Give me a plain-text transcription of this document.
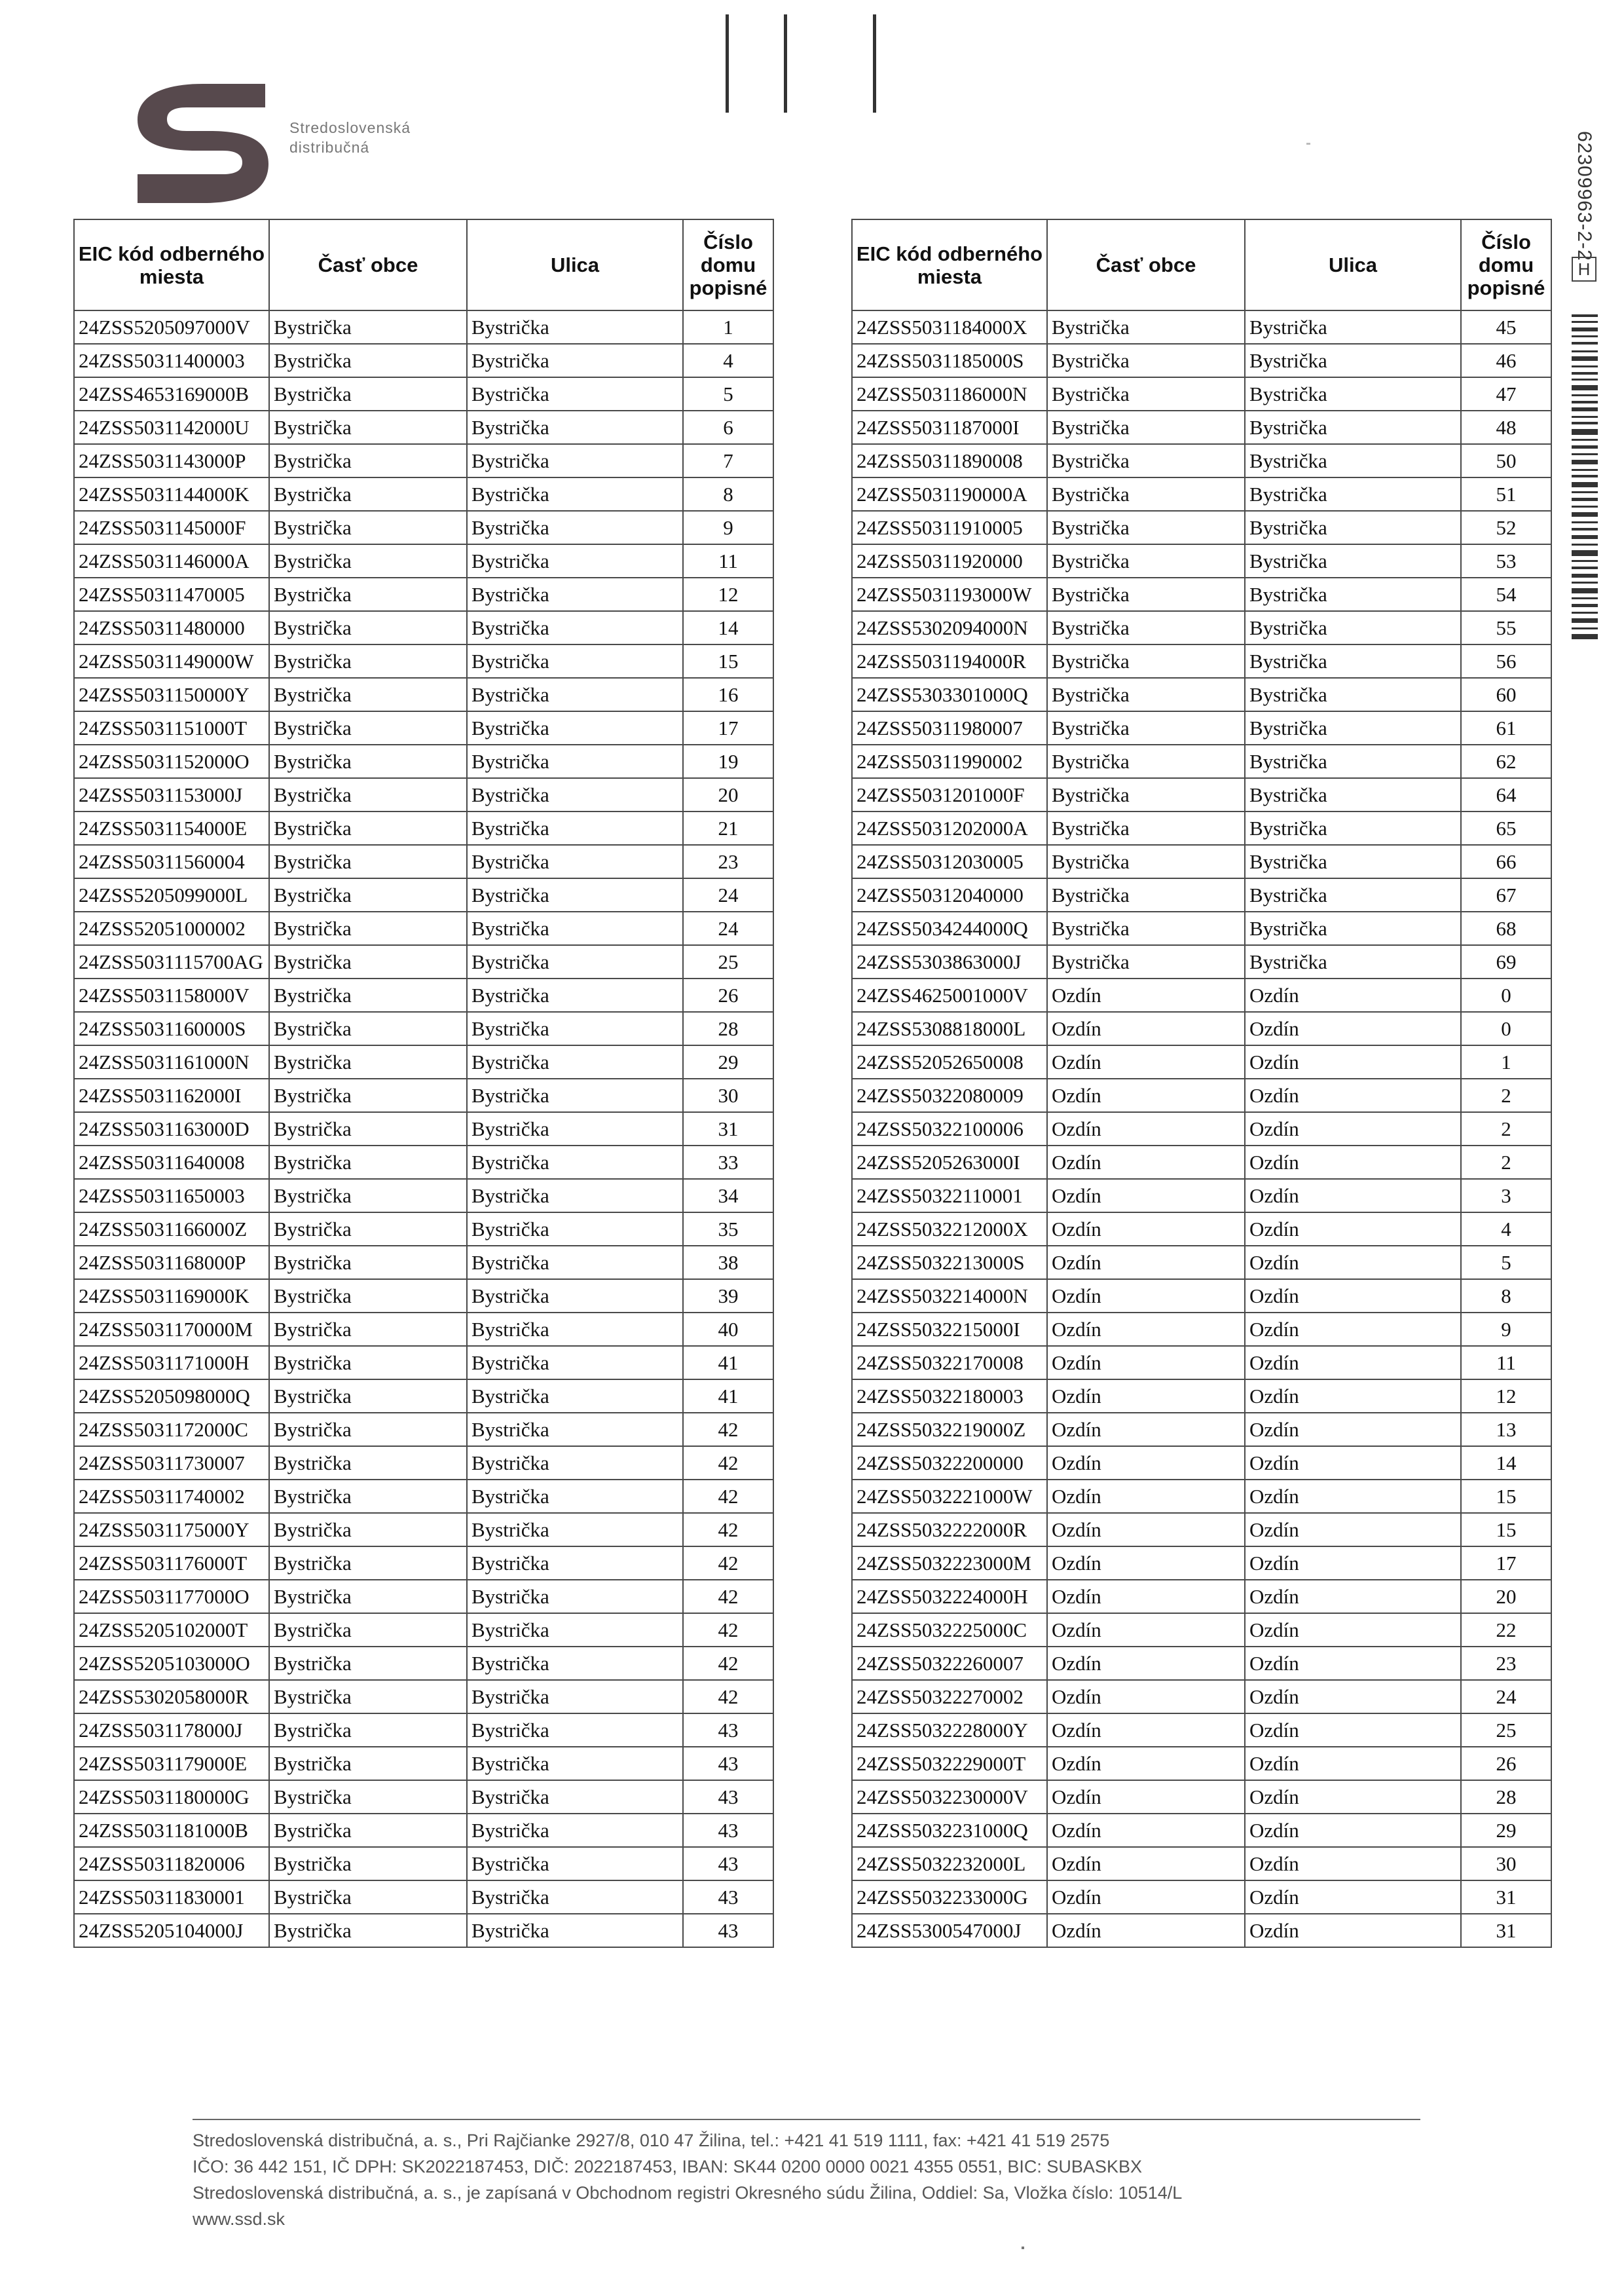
Stredoslovenská
distribučná	62309963-2-2
H
EIC kód odberného miesta	Časť obce	Ulica	Číslo domu popisné
24ZSS5205097000V	Bystrička	Bystrička	1
24ZSS50311400003	Bystrička	Bystrička	4
24ZSS4653169000B	Bystrička	Bystrička	5
24ZSS5031142000U	Bystrička	Bystrička	6
24ZSS5031143000P	Bystrička	Bystrička	7
24ZSS5031144000K	Bystrička	Bystrička	8
24ZSS5031145000F	Bystrička	Bystrička	9
24ZSS5031146000A	Bystrička	Bystrička	11
24ZSS50311470005	Bystrička	Bystrička	12
24ZSS50311480000	Bystrička	Bystrička	14
24ZSS5031149000W	Bystrička	Bystrička	15
24ZSS5031150000Y	Bystrička	Bystrička	16
24ZSS5031151000T	Bystrička	Bystrička	17
24ZSS5031152000O	Bystrička	Bystrička	19
24ZSS5031153000J	Bystrička	Bystrička	20
24ZSS5031154000E	Bystrička	Bystrička	21
24ZSS50311560004	Bystrička	Bystrička	23
24ZSS5205099000L	Bystrička	Bystrička	24
24ZSS52051000002	Bystrička	Bystrička	24
24ZSS5031115700AG	Bystrička	Bystrička	25
24ZSS5031158000V	Bystrička	Bystrička	26
24ZSS5031160000S	Bystrička	Bystrička	28
24ZSS5031161000N	Bystrička	Bystrička	29
24ZSS5031162000I	Bystrička	Bystrička	30
24ZSS5031163000D	Bystrička	Bystrička	31
24ZSS50311640008	Bystrička	Bystrička	33
24ZSS50311650003	Bystrička	Bystrička	34
24ZSS5031166000Z	Bystrička	Bystrička	35
24ZSS5031168000P	Bystrička	Bystrička	38
24ZSS5031169000K	Bystrička	Bystrička	39
24ZSS5031170000M	Bystrička	Bystrička	40
24ZSS5031171000H	Bystrička	Bystrička	41
24ZSS5205098000Q	Bystrička	Bystrička	41
24ZSS5031172000C	Bystrička	Bystrička	42
24ZSS50311730007	Bystrička	Bystrička	42
24ZSS50311740002	Bystrička	Bystrička	42
24ZSS5031175000Y	Bystrička	Bystrička	42
24ZSS5031176000T	Bystrička	Bystrička	42
24ZSS5031177000O	Bystrička	Bystrička	42
24ZSS5205102000T	Bystrička	Bystrička	42
24ZSS5205103000O	Bystrička	Bystrička	42
24ZSS5302058000R	Bystrička	Bystrička	42
24ZSS5031178000J	Bystrička	Bystrička	43
24ZSS5031179000E	Bystrička	Bystrička	43
24ZSS5031180000G	Bystrička	Bystrička	43
24ZSS5031181000B	Bystrička	Bystrička	43
24ZSS50311820006	Bystrička	Bystrička	43
24ZSS50311830001	Bystrička	Bystrička	43
24ZSS5205104000J	Bystrička	Bystrička	43
EIC kód odberného miesta	Časť obce	Ulica	Číslo domu popisné
24ZSS5031184000X	Bystrička	Bystrička	45
24ZSS5031185000S	Bystrička	Bystrička	46
24ZSS5031186000N	Bystrička	Bystrička	47
24ZSS5031187000I	Bystrička	Bystrička	48
24ZSS50311890008	Bystrička	Bystrička	50
24ZSS5031190000A	Bystrička	Bystrička	51
24ZSS50311910005	Bystrička	Bystrička	52
24ZSS50311920000	Bystrička	Bystrička	53
24ZSS5031193000W	Bystrička	Bystrička	54
24ZSS5302094000N	Bystrička	Bystrička	55
24ZSS5031194000R	Bystrička	Bystrička	56
24ZSS5303301000Q	Bystrička	Bystrička	60
24ZSS50311980007	Bystrička	Bystrička	61
24ZSS50311990002	Bystrička	Bystrička	62
24ZSS5031201000F	Bystrička	Bystrička	64
24ZSS5031202000A	Bystrička	Bystrička	65
24ZSS50312030005	Bystrička	Bystrička	66
24ZSS50312040000	Bystrička	Bystrička	67
24ZSS5034244000Q	Bystrička	Bystrička	68
24ZSS5303863000J	Bystrička	Bystrička	69
24ZSS4625001000V	Ozdín	Ozdín	0
24ZSS5308818000L	Ozdín	Ozdín	0
24ZSS52052650008	Ozdín	Ozdín	1
24ZSS50322080009	Ozdín	Ozdín	2
24ZSS50322100006	Ozdín	Ozdín	2
24ZSS5205263000I	Ozdín	Ozdín	2
24ZSS50322110001	Ozdín	Ozdín	3
24ZSS5032212000X	Ozdín	Ozdín	4
24ZSS5032213000S	Ozdín	Ozdín	5
24ZSS5032214000N	Ozdín	Ozdín	8
24ZSS5032215000I	Ozdín	Ozdín	9
24ZSS50322170008	Ozdín	Ozdín	11
24ZSS50322180003	Ozdín	Ozdín	12
24ZSS5032219000Z	Ozdín	Ozdín	13
24ZSS50322200000	Ozdín	Ozdín	14
24ZSS5032221000W	Ozdín	Ozdín	15
24ZSS5032222000R	Ozdín	Ozdín	15
24ZSS5032223000M	Ozdín	Ozdín	17
24ZSS5032224000H	Ozdín	Ozdín	20
24ZSS5032225000C	Ozdín	Ozdín	22
24ZSS50322260007	Ozdín	Ozdín	23
24ZSS50322270002	Ozdín	Ozdín	24
24ZSS5032228000Y	Ozdín	Ozdín	25
24ZSS5032229000T	Ozdín	Ozdín	26
24ZSS5032230000V	Ozdín	Ozdín	28
24ZSS5032231000Q	Ozdín	Ozdín	29
24ZSS5032232000L	Ozdín	Ozdín	30
24ZSS5032233000G	Ozdín	Ozdín	31
24ZSS5300547000J	Ozdín	Ozdín	31
Stredoslovenská distribučná, a. s., Pri Rajčianke 2927/8, 010 47 Žilina, tel.: +421 41 519 1111, fax: +421 41 519 2575
IČO: 36 442 151, IČ DPH: SK2022187453, DIČ: 2022187453, IBAN: SK44 0200 0000 0021 4355 0551, BIC: SUBASKBX
Stredoslovenská distribučná, a. s., je zapísaná v Obchodnom registri Okresného súdu Žilina, Oddiel: Sa, Vložka číslo: 10514/L
www.ssd.sk
